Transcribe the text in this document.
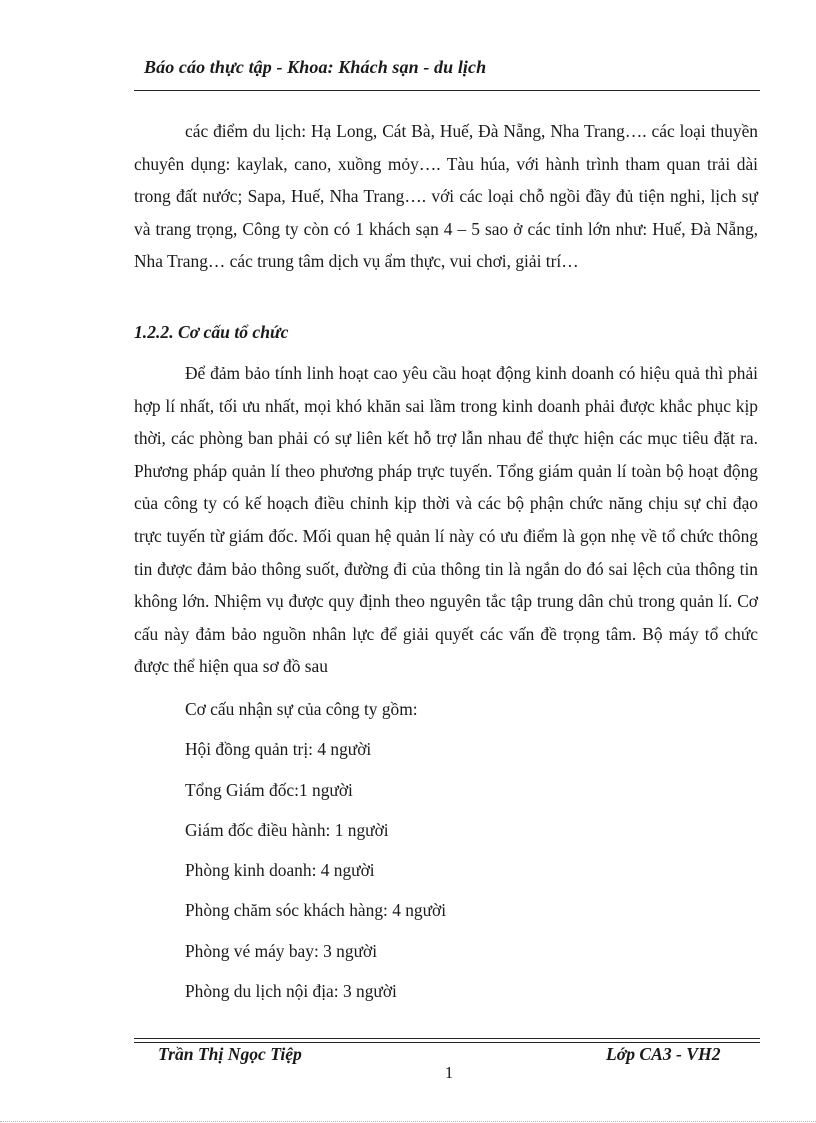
Báo cáo thực tập - Khoa: Khách sạn - du lịch
các điểm du lịch: Hạ Long, Cát Bà, Huế, Đà Nẵng, Nha Trang…. các loại thuyền chuyên dụng: kaylak, cano, xuồng mỏy…. Tàu húa, với hành trình tham quan trải dài trong đất nước; Sapa, Huế, Nha Trang…. với các loại chỗ ngồi đầy đủ tiện nghi, lịch sự và trang trọng, Công ty còn có 1 khách sạn 4 – 5 sao ở các tỉnh lớn như: Huế, Đà Nẵng, Nha Trang… các trung tâm dịch vụ ẩm thực, vui chơi, giải trí…
1.2.2. Cơ cấu tổ chức
Để đảm bảo tính linh hoạt cao yêu cầu hoạt động kinh doanh có hiệu quả thì phải hợp lí nhất, tối ưu nhất, mọi khó khăn sai lầm trong kinh doanh phải được khắc phục kịp thời, các phòng ban phải có sự liên kết hỗ trợ lẫn nhau để thực hiện các mục tiêu đặt ra. Phương pháp quản lí theo phương pháp trực tuyến. Tổng giám quản lí toàn bộ hoạt động của công ty có kế hoạch điều chỉnh kịp thời và các bộ phận chức năng chịu sự chỉ đạo trực tuyến từ giám đốc. Mối quan hệ quản lí này có ưu điểm là gọn nhẹ về tổ chức thông tin được đảm bảo thông suốt, đường đi của thông tin là ngắn do đó sai lệch của thông tin không lớn. Nhiệm vụ được quy định theo nguyên tắc tập trung dân chủ trong quản lí. Cơ cấu này đảm bảo nguồn nhân lực để giải quyết các vấn đề trọng tâm. Bộ máy tổ chức được thể hiện qua sơ đồ sau
Cơ cấu nhận sự của công ty gồm:
Hội đồng quản trị: 4 người
Tổng Giám đốc:1 người
Giám đốc điều hành: 1 người
Phòng kinh doanh: 4 người
Phòng chăm sóc khách hàng: 4 người
Phòng vé máy bay: 3 người
Phòng du lịch nội địa: 3 người
Trần Thị Ngọc Tiệp	Lớp CA3 - VH2
1
